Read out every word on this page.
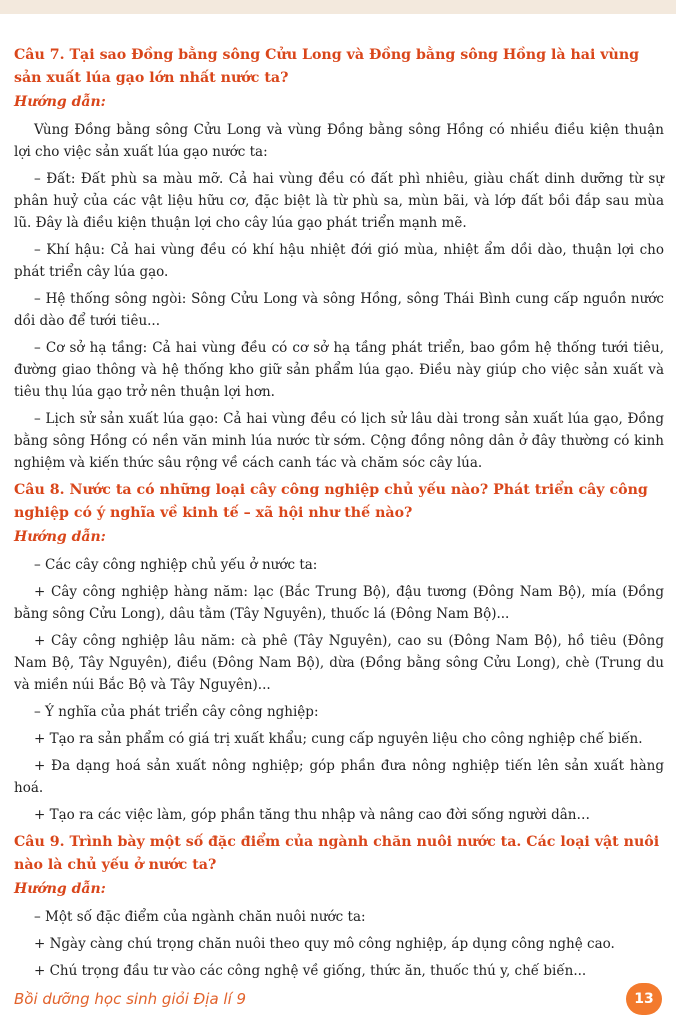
Câu 7. Tại sao Đồng bằng sông Cửu Long và Đồng bằng sông Hồng là hai vùng sản xuất lúa gạo lớn nhất nước ta?
Hướng dẫn:
Vùng Đồng bằng sông Cửu Long và vùng Đồng bằng sông Hồng có nhiều điều kiện thuận lợi cho việc sản xuất lúa gạo nước ta:
– Đất: Đất phù sa màu mỡ. Cả hai vùng đều có đất phì nhiêu, giàu chất dinh dưỡng từ sự phân huỷ của các vật liệu hữu cơ, đặc biệt là từ phù sa, mùn bãi, và lớp đất bồi đắp sau mùa lũ. Đây là điều kiện thuận lợi cho cây lúa gạo phát triển mạnh mẽ.
– Khí hậu: Cả hai vùng đều có khí hậu nhiệt đới gió mùa, nhiệt ẩm dồi dào, thuận lợi cho phát triển cây lúa gạo.
– Hệ thống sông ngòi: Sông Cửu Long và sông Hồng, sông Thái Bình cung cấp nguồn nước dồi dào để tưới tiêu...
– Cơ sở hạ tầng: Cả hai vùng đều có cơ sở hạ tầng phát triển, bao gồm hệ thống tưới tiêu, đường giao thông và hệ thống kho giữ sản phẩm lúa gạo. Điều này giúp cho việc sản xuất và tiêu thụ lúa gạo trở nên thuận lợi hơn.
– Lịch sử sản xuất lúa gạo: Cả hai vùng đều có lịch sử lâu dài trong sản xuất lúa gạo, Đồng bằng sông Hồng có nền văn minh lúa nước từ sớm. Cộng đồng nông dân ở đây thường có kinh nghiệm và kiến thức sâu rộng về cách canh tác và chăm sóc cây lúa.
Câu 8. Nước ta có những loại cây công nghiệp chủ yếu nào? Phát triển cây công nghiệp có ý nghĩa về kinh tế – xã hội như thế nào?
Hướng dẫn:
– Các cây công nghiệp chủ yếu ở nước ta:
+ Cây công nghiệp hàng năm: lạc (Bắc Trung Bộ), đậu tương (Đông Nam Bộ), mía (Đồng bằng sông Cửu Long), dâu tằm (Tây Nguyên), thuốc lá (Đông Nam Bộ)...
+ Cây công nghiệp lâu năm: cà phê (Tây Nguyên), cao su (Đông Nam Bộ), hồ tiêu (Đông Nam Bộ, Tây Nguyên), điều (Đông Nam Bộ), dừa (Đồng bằng sông Cửu Long), chè (Trung du và miền núi Bắc Bộ và Tây Nguyên)...
– Ý nghĩa của phát triển cây công nghiệp:
+ Tạo ra sản phẩm có giá trị xuất khẩu; cung cấp nguyên liệu cho công nghiệp chế biến.
+ Đa dạng hoá sản xuất nông nghiệp; góp phần đưa nông nghiệp tiến lên sản xuất hàng hoá.
+ Tạo ra các việc làm, góp phần tăng thu nhập và nâng cao đời sống người dân…
Câu 9. Trình bày một số đặc điểm của ngành chăn nuôi nước ta. Các loại vật nuôi nào là chủ yếu ở nước ta?
Hướng dẫn:
– Một số đặc điểm của ngành chăn nuôi nước ta:
+ Ngày càng chú trọng chăn nuôi theo quy mô công nghiệp, áp dụng công nghệ cao.
+ Chú trọng đầu tư vào các công nghệ về giống, thức ăn, thuốc thú y, chế biến...
Bồi dưỡng học sinh giỏi Địa lí 9	13
